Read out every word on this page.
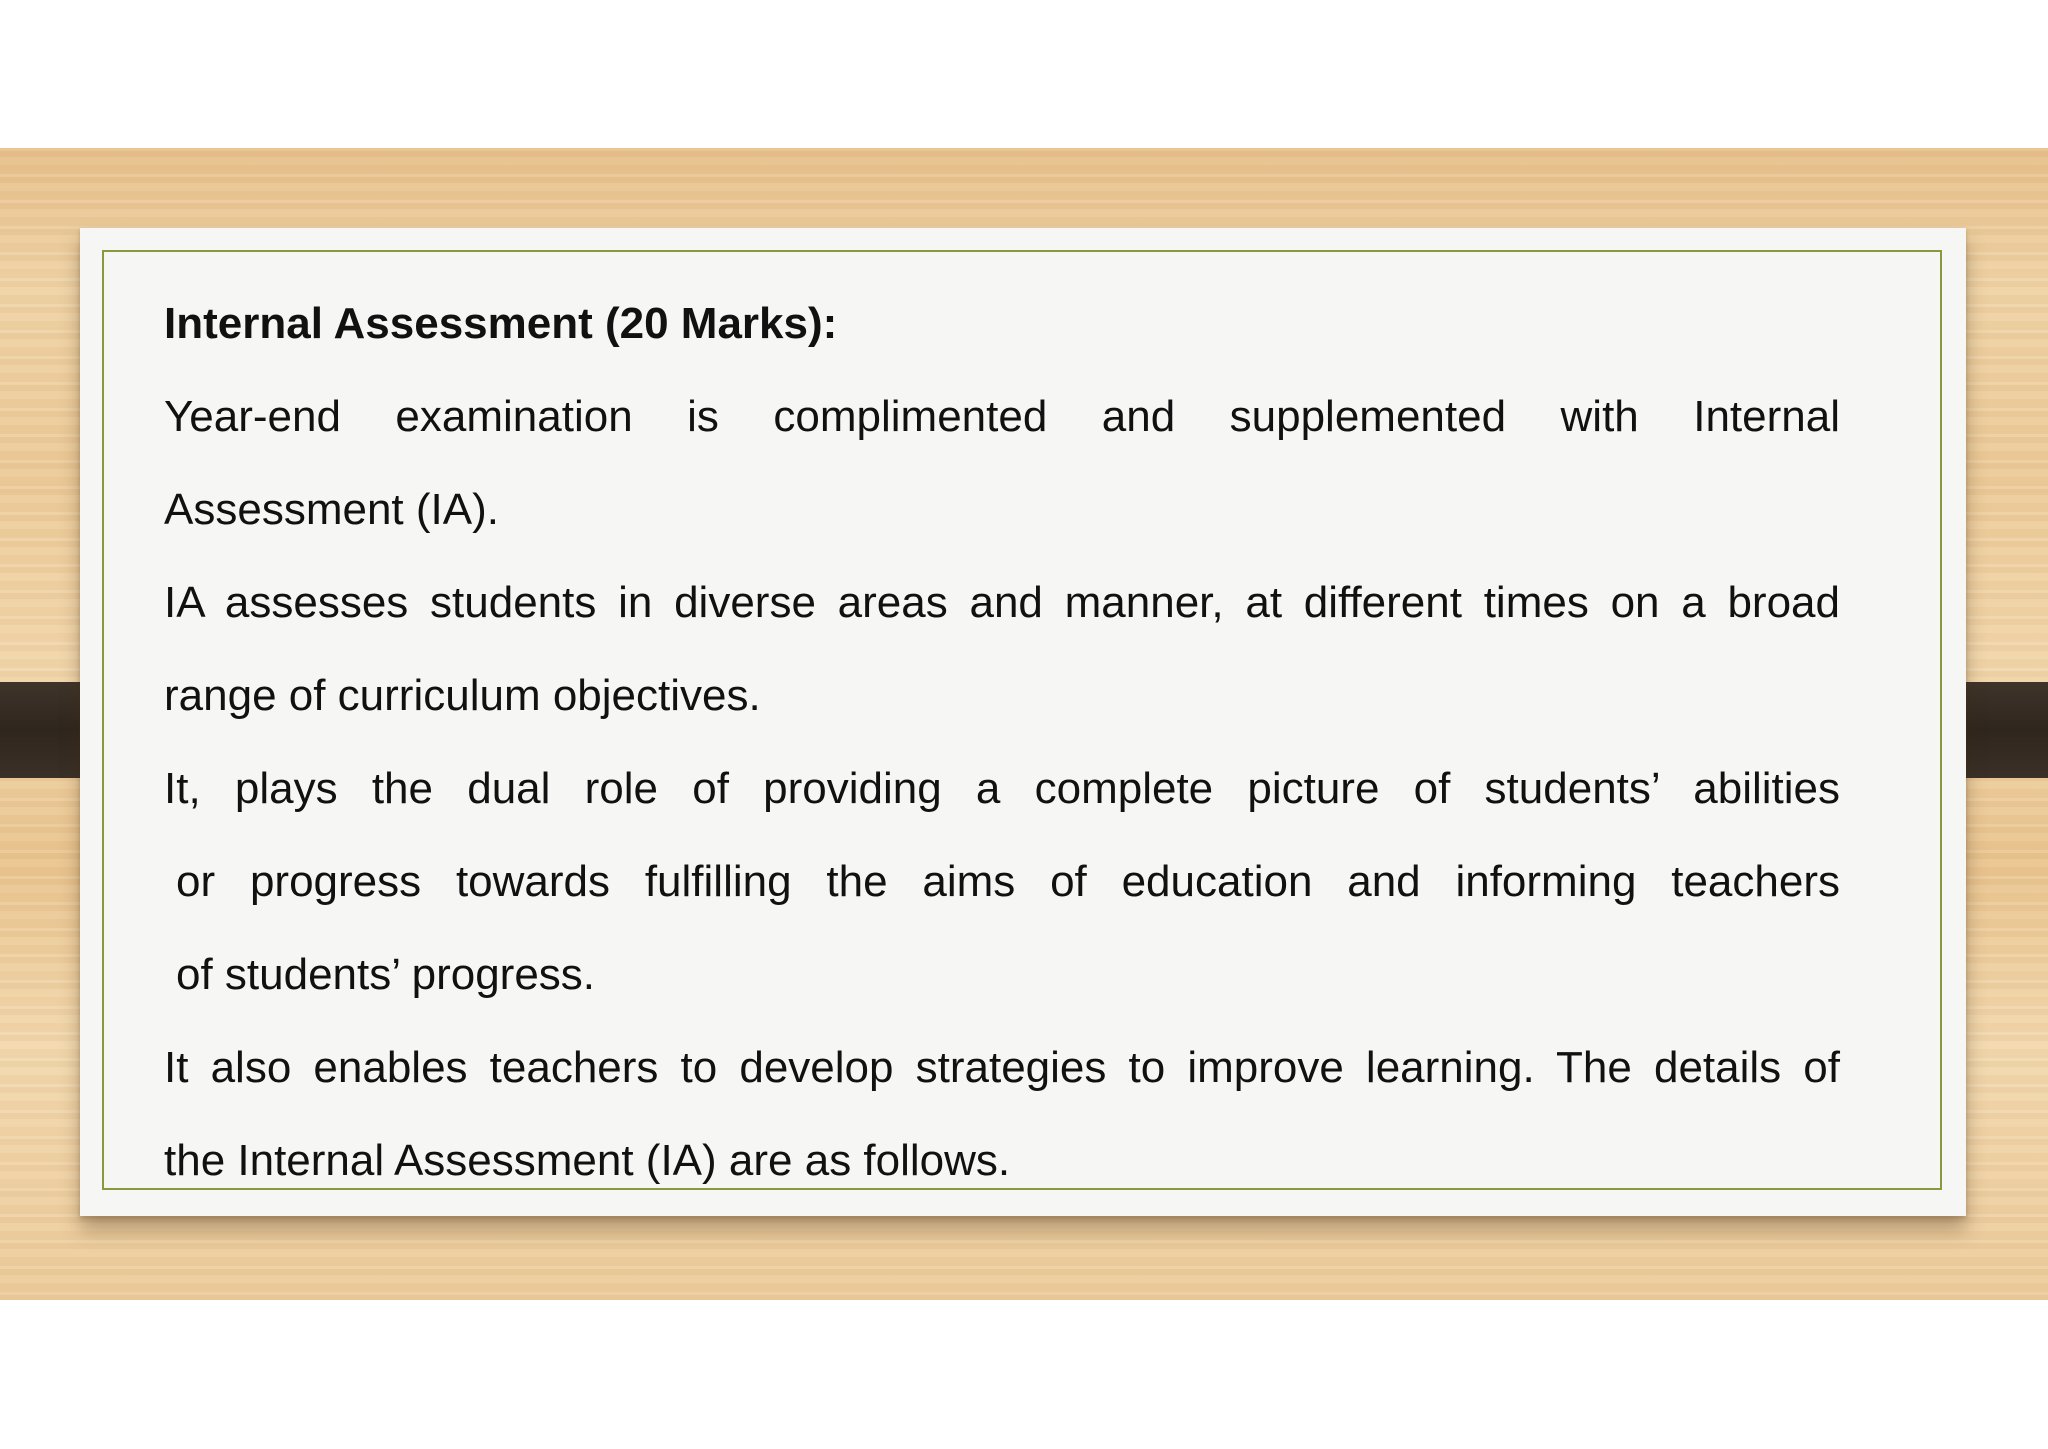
Internal Assessment (20 Marks):

Year-end examination is complimented and supplemented with Internal
Assessment (IA).

IA assesses students in diverse areas and manner, at different times on a broad
range of curriculum objectives.

It, plays the dual role of providing a complete picture of students’ abilities
or progress towards fulfilling the aims of education and informing teachers
of students’ progress.

It also enables teachers to develop strategies to improve learning. The details of
the Internal Assessment (IA) are as follows.
